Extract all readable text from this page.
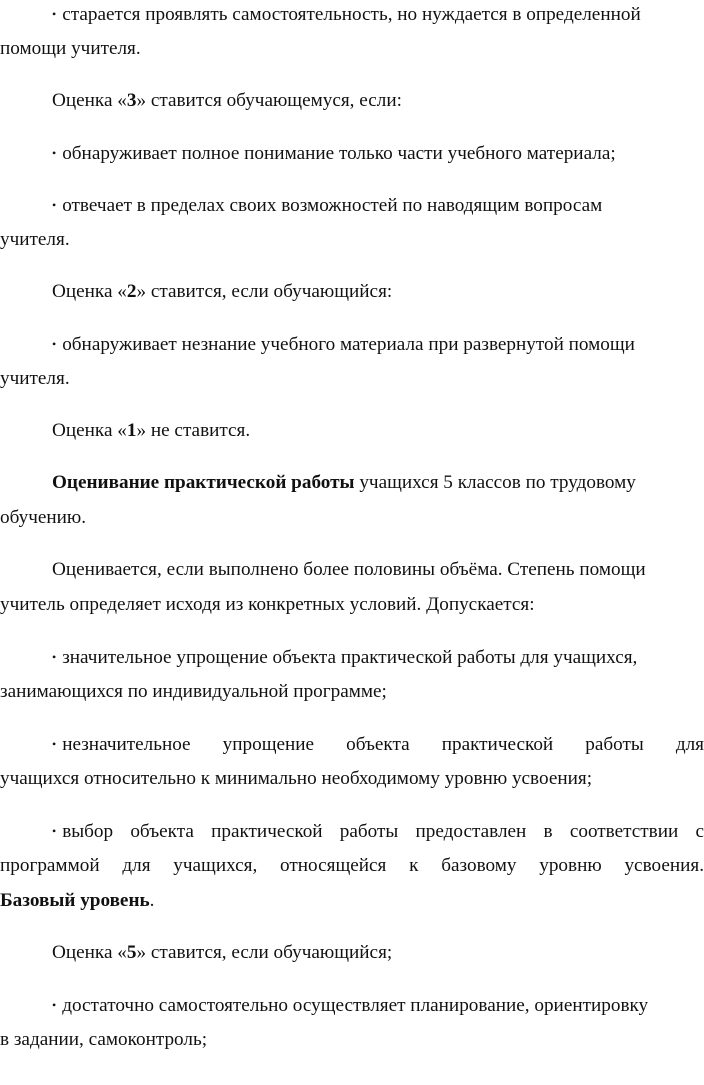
• старается проявлять самостоятельность, но нуждается в определенной
помощи учителя.
Оценка «3» ставится обучающемуся, если:
• обнаруживает полное понимание только части учебного материала;
• отвечает в пределах своих возможностей по наводящим вопросам
учителя.
Оценка «2» ставится, если обучающийся:
• обнаруживает незнание учебного материала при развернутой помощи
учителя.
Оценка «1» не ставится.
Оценивание практической работы учащихся 5 классов по трудовому
обучению.
Оценивается, если выполнено более половины объёма. Степень помощи
учитель определяет исходя из конкретных условий. Допускается:
• значительное упрощение объекта практической работы для учащихся,
занимающихся по индивидуальной программе;
• незначительное упрощение объекта практической работы для
учащихся относительно к минимально необходимому уровню усвоения;
• выбор объекта практической работы предоставлен в соответствии с
программой для учащихся, относящейся к базовому уровню усвоения.
Базовый уровень.
Оценка «5» ставится, если обучающийся;
• достаточно самостоятельно осуществляет планирование, ориентировку
в задании, самоконтроль;
